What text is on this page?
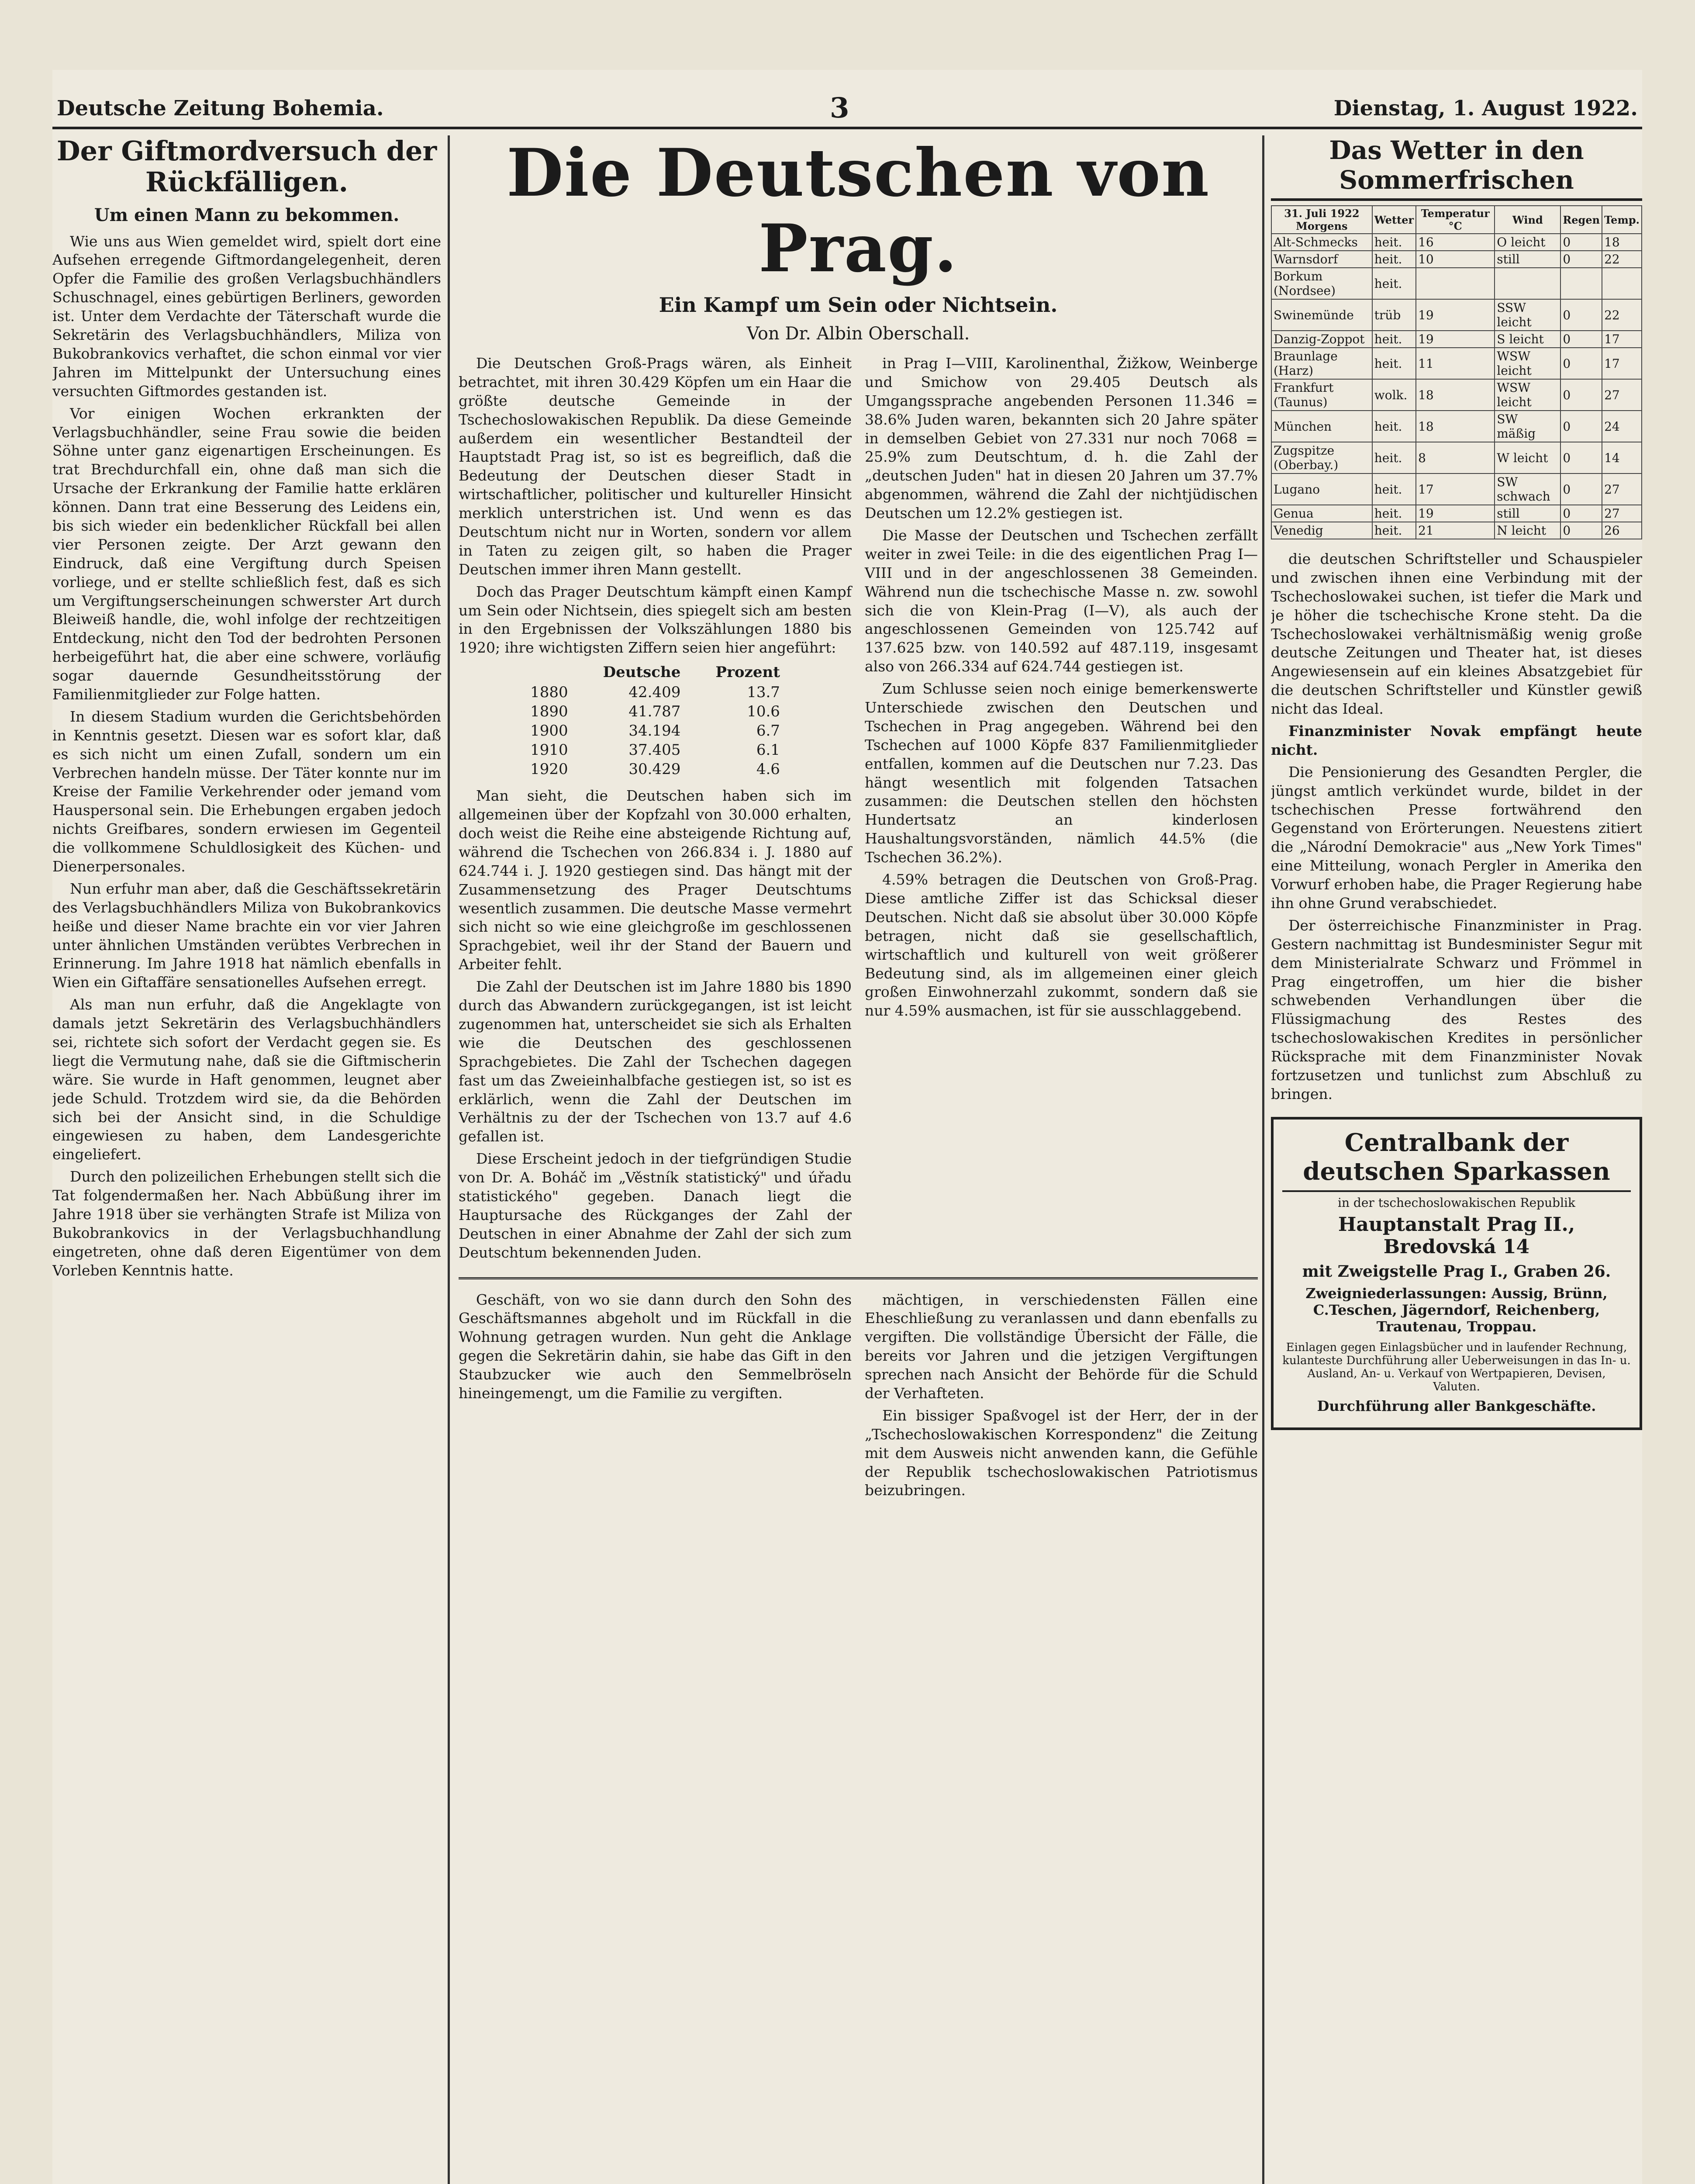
Deutsche Zeitung Bohemia.	3	Dienstag, 1. August 1922.
Der Giftmordversuch der Rückfälligen.
Um einen Mann zu bekommen.

Wie uns aus Wien gemeldet wird, spielt dort eine Aufsehen erregende Giftmordangelegenheit, deren Opfer die Familie des großen Verlagsbuchhändlers Schuschnagel, eines gebürtigen Berliners, geworden ist. Unter dem Verdachte der Täterschaft wurde die Sekretärin des Verlagsbuchhändlers, Miliza von Bukobrankovics verhaftet, die schon einmal vor vier Jahren im Mittelpunkt der Untersuchung eines versuchten Giftmordes gestanden ist.

Vor einigen Wochen erkrankten der Verlagsbuchhändler, seine Frau sowie die beiden Söhne unter ganz eigenartigen Erscheinungen. Es trat Brechdurchfall ein, ohne daß man sich die Ursache der Erkrankung der Familie hatte erklären können. Dann trat eine Besserung des Leidens ein, bis sich wieder ein bedenklicher Rückfall bei allen vier Personen zeigte. Der Arzt gewann den Eindruck, daß eine Vergiftung durch Speisen vorliege, und er stellte schließlich fest, daß es sich um Vergiftungserscheinungen schwerster Art durch Bleiweiß handle, die, wohl infolge der rechtzeitigen Entdeckung, nicht den Tod der bedrohten Personen herbeigeführt hat, die aber eine schwere, vorläufig sogar dauernde Gesundheitsstörung der Familienmitglieder zur Folge hatten.

In diesem Stadium wurden die Gerichtsbehörden in Kenntnis gesetzt. Diesen war es sofort klar, daß es sich nicht um einen Zufall, sondern um ein Verbrechen handeln müsse. Der Täter konnte nur im Kreise der Familie Verkehrender oder jemand vom Hauspersonal sein. Die Erhebungen ergaben jedoch nichts Greifbares, sondern erwiesen im Gegenteil die vollkommene Schuldlosigkeit des Küchen- und Dienerpersonales.

Nun erfuhr man aber, daß die Geschäftssekretärin des Verlagsbuchhändlers Miliza von Bukobrankovics heiße und dieser Name brachte ein vor vier Jahren unter ähnlichen Umständen verübtes Verbrechen in Erinnerung. Im Jahre 1918 hat nämlich ebenfalls in Wien ein Giftaffäre sensationelles Aufsehen erregt.

Als man nun erfuhr, daß die Angeklagte von damals jetzt Sekretärin des Verlagsbuchhändlers sei, richtete sich sofort der Verdacht gegen sie. Es liegt die Vermutung nahe, daß sie die Giftmischerin wäre. Sie wurde in Haft genommen, leugnet aber jede Schuld. Trotzdem wird sie, da die Behörden sich bei der Ansicht sind, in die Schuldige eingewiesen zu haben, dem Landesgerichte eingeliefert.

Durch den polizeilichen Erhebungen stellt sich die Tat folgendermaßen her. Nach Abbüßung ihrer im Jahre 1918 über sie verhängten Strafe ist Miliza von Bukobrankovics in der Verlagsbuchhandlung eingetreten, ohne daß deren Eigentümer von dem Vorleben Kenntnis hatte.

Die Deutschen von Prag.
Ein Kampf um Sein oder Nichtsein.
Von Dr. Albin Oberschall.

Die Deutschen Groß-Prags wären, als Einheit betrachtet, mit ihren 30.429 Köpfen um ein Haar die größte deutsche Gemeinde in der Tschechoslowakischen Republik. Da diese Gemeinde außerdem ein wesentlicher Bestandteil der Hauptstadt Prag ist, so ist es begreiflich, daß die Bedeutung der Deutschen dieser Stadt in wirtschaftlicher, politischer und kultureller Hinsicht merklich unterstrichen ist. Und wenn es das Deutschtum nicht nur in Worten, sondern vor allem in Taten zu zeigen gilt, so haben die Prager Deutschen immer ihren Mann gestellt.

Doch das Prager Deutschtum kämpft einen Kampf um Sein oder Nichtsein, dies spiegelt sich am besten in den Ergebnissen der Volkszählungen 1880 bis 1920; ihre wichtigsten Ziffern seien hier angeführt:

	Deutsche	Prozent
1880	42.409	13.7
1890	41.787	10.6
1900	34.194	6.7
1910	37.405	6.1
1920	30.429	4.6

Man sieht, die Deutschen haben sich im allgemeinen über der Kopfzahl von 30.000 erhalten, doch weist die Reihe eine absteigende Richtung auf, während die Tschechen von 266.834 i. J. 1880 auf 624.744 i. J. 1920 gestiegen sind. Das hängt mit der Zusammensetzung des Prager Deutschtums wesentlich zusammen. Die deutsche Masse vermehrt sich nicht so wie eine gleichgroße im geschlossenen Sprachgebiet, weil ihr der Stand der Bauern und Arbeiter fehlt.

Die Zahl der Deutschen ist im Jahre 1880 bis 1890 durch das Abwandern zurückgegangen, ist ist leicht zugenommen hat, unterscheidet sie sich als Erhalten wie die Deutschen des geschlossenen Sprachgebietes. Die Zahl der Tschechen dagegen fast um das Zweieinhalbfache gestiegen ist, so ist es erklärlich, wenn die Zahl der Deutschen im Verhältnis zu der der Tschechen von 13.7 auf 4.6 gefallen ist.

Diese Erscheint jedoch in der tiefgründigen Studie von Dr. A. Boháč im „Věstník statistický" und úřadu statistického" gegeben. Danach liegt die Hauptursache des Rückganges der Zahl der Deutschen in einer Abnahme der Zahl der sich zum Deutschtum bekennenden Juden.

in Prag I—VIII, Karolinenthal, Žižkow, Weinberge und Smichow von 29.405 Deutsch als Umgangssprache angebenden Personen 11.346 = 38.6% Juden waren, bekannten sich 20 Jahre später in demselben Gebiet von 27.331 nur noch 7068 = 25.9% zum Deutschtum, d. h. die Zahl der „deutschen Juden" hat in diesen 20 Jahren um 37.7% abgenommen, während die Zahl der nichtjüdischen Deutschen um 12.2% gestiegen ist.

Die Masse der Deutschen und Tschechen zerfällt weiter in zwei Teile: in die des eigentlichen Prag I—VIII und in der angeschlossenen 38 Gemeinden. Während nun die tschechische Masse n. zw. sowohl sich die von Klein-Prag (I—V), als auch der angeschlossenen Gemeinden von 125.742 auf 137.625 bzw. von 140.592 auf 487.119, insgesamt also von 266.334 auf 624.744 gestiegen ist.

Zum Schlusse seien noch einige bemerkenswerte Unterschiede zwischen den Deutschen und Tschechen in Prag angegeben. Während bei den Tschechen auf 1000 Köpfe 837 Familienmitglieder entfallen, kommen auf die Deutschen nur 7.23. Das hängt wesentlich mit folgenden Tatsachen zusammen: die Deutschen stellen den höchsten Hundertsatz an kinderlosen Haushaltungsvorständen, nämlich 44.5% (die Tschechen 36.2%).

4.59% betragen die Deutschen von Groß-Prag. Diese amtliche Ziffer ist das Schicksal dieser Deutschen. Nicht daß sie absolut über 30.000 Köpfe betragen, nicht daß sie gesellschaftlich, wirtschaftlich und kulturell von weit größerer Bedeutung sind, als im allgemeinen einer gleich großen Einwohnerzahl zukommt, sondern daß sie nur 4.59% ausmachen, ist für sie ausschlaggebend.

Geschäft, von wo sie dann durch den Sohn des Geschäftsmannes abgeholt und im Rückfall in die Wohnung getragen wurden. Nun geht die Anklage gegen die Sekretärin dahin, sie habe das Gift in den Staubzucker wie auch den Semmelbröseln hineingemengt, um die Familie zu vergiften.

mächtigen, in verschiedensten Fällen eine Eheschließung zu veranlassen und dann ebenfalls zu vergiften. Die vollständige Übersicht der Fälle, die bereits vor Jahren und die jetzigen Vergiftungen sprechen nach Ansicht der Behörde für die Schuld der Verhafteten.

Ein bissiger Spaßvogel ist der Herr, der in der „Tschechoslowakischen Korrespondenz" die Zeitung mit dem Ausweis nicht anwenden kann, die Gefühle der Republik tschechoslowakischen Patriotismus beizubringen.

Das Wetter in den Sommerfrischen
31. Juli 1922
Morgens	Wetter	Temperatur °C	Wind	Regen	Temp.
Alt-Schmecks	heit.	16	O leicht	0	18
Warnsdorf	heit.	10	still	0	22
Borkum (Nordsee)	heit.				
Swinemünde	trüb	19	SSW leicht	0	22
Danzig-Zoppot	heit.	19	S leicht	0	17
Braunlage (Harz)	heit.	11	WSW leicht	0	17
Frankfurt (Taunus)	wolk.	18	WSW leicht	0	27
München	heit.	18	SW mäßig	0	24
Zugspitze (Oberbay.)	heit.	8	W leicht	0	14
Lugano	heit.	17	SW schwach	0	27
Genua	heit.	19	still	0	27
Venedig	heit.	21	N leicht	0	26

die deutschen Schriftsteller und Schauspieler und zwischen ihnen eine Verbindung mit der Tschechoslowakei suchen, ist tiefer die Mark und je höher die tschechische Krone steht. Da die Tschechoslowakei verhältnismäßig wenig große deutsche Zeitungen und Theater hat, ist dieses Angewiesensein auf ein kleines Absatzgebiet für die deutschen Schriftsteller und Künstler gewiß nicht das Ideal.

Finanzminister Novak empfängt heute nicht.

Die Pensionierung des Gesandten Pergler, die jüngst amtlich verkündet wurde, bildet in der tschechischen Presse fortwährend den Gegenstand von Erörterungen. Neuestens zitiert die „Národní Demokracie" aus „New York Times" eine Mitteilung, wonach Pergler in Amerika den Vorwurf erhoben habe, die Prager Regierung habe ihn ohne Grund verabschiedet.

Der österreichische Finanzminister in Prag. Gestern nachmittag ist Bundesminister Segur mit dem Ministerialrate Schwarz und Frömmel in Prag eingetroffen, um hier die bisher schwebenden Verhandlungen über die Flüssigmachung des Restes des tschechoslowakischen Kredites in persönlicher Rücksprache mit dem Finanzminister Novak fortzusetzen und tunlichst zum Abschluß zu bringen.

Centralbank der deutschen Sparkassen
in der tschechoslowakischen Republik
Hauptanstalt Prag II., Bredovská 14
mit Zweigstelle Prag I., Graben 26.
Zweigniederlassungen: Aussig, Brünn, C.Teschen, Jägerndorf, Reichenberg, Trautenau, Troppau.
Einlagen gegen Einlagsbücher und in laufender Rechnung, kulanteste Durchführung aller Ueberweisungen in das In- u. Ausland, An- u. Verkauf von Wertpapieren, Devisen, Valuten.
Durchführung aller Bankgeschäfte.
